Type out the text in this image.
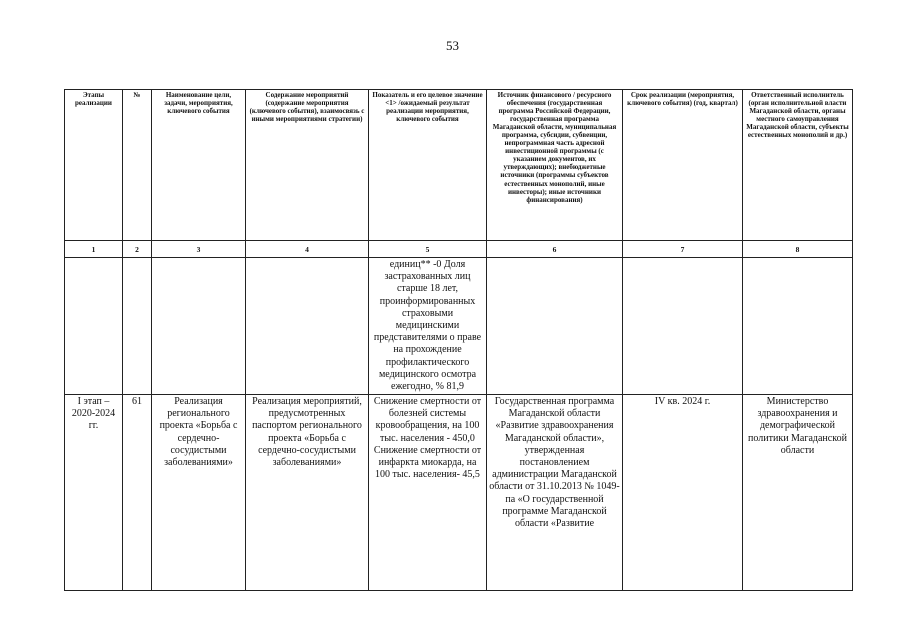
53
Этапы реализации	№	Наименование цели, задачи, мероприятия, ключевого события	Содержание мероприятий (содержание мероприятия (ключевого события), взаимосвязь с иными мероприятиями стратегии)	Показатель и его целевое значение <1> /ожидаемый результат реализации мероприятия, ключевого события	Источник финансового / ресурсного обеспечения (государственная программа Российской Федерации, государственная программа Магаданской области, муниципальная программа, субсидии, субвенции, непрограммная часть адресной инвестиционной программы (с указанием документов, их утверждающих); внебюджетные источники (программы субъектов естественных монополий, иные инвесторы); иные источники финансирования)	Срок реализации (мероприятия, ключевого события) (год, квартал)	Ответственный исполнитель (орган исполнительной власти Магаданской области, органы местного самоуправления Магаданской области, субъекты естественных монополий и др.)
1	2	3	4	5	6	7	8
				единиц** -0 Доля застрахованных лиц старше 18 лет, проинформированных страховыми медицинскими представителями о праве на прохождение профилактического медицинского осмотра ежегодно, % 81,9			
I этап – 2020-2024 гг.	61	Реализация регионального проекта «Борьба с сердечно-сосудистыми заболеваниями»	Реализация мероприятий, предусмотренных паспортом регионального проекта «Борьба с сердечно-сосудистыми заболеваниями»	Снижение смертности от болезней системы кровообращения, на 100 тыс. населения - 450,0 Снижение смертности от инфаркта миокарда, на 100 тыс. населения- 45,5	Государственная программа Магаданской области «Развитие здравоохранения Магаданской области», утвержденная постановлением администрации Магаданской области от 31.10.2013 № 1049-па «О государственной программе Магаданской области «Развитие	IV кв. 2024 г.	Министерство здравоохранения и демографической политики Магаданской области
